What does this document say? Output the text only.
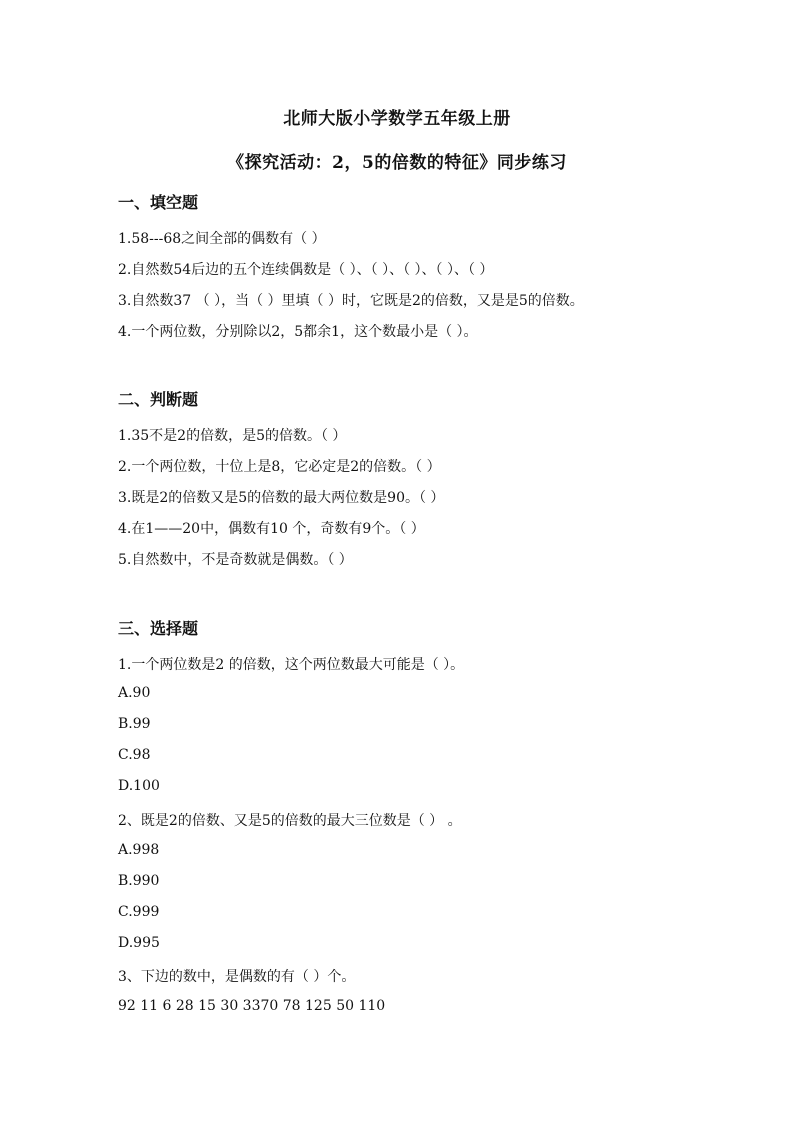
北师大版小学数学五年级上册
《探究活动：2，5的倍数的特征》同步练习
一、填空题
1.58---68之间全部的偶数有（ ）
2.自然数54后边的五个连续偶数是（ ）、（ ）、（ ）、（ ）、（ ）
3.自然数37 （ ），当（ ）里填（ ）时，它既是2的倍数，又是是5的倍数。
4.一个两位数，分别除以2，5都余1，这个数最小是（ ）。
二、判断题
1.35不是2的倍数，是5的倍数。（ ）
2.一个两位数，十位上是8，它必定是2的倍数。（ ）
3.既是2的倍数又是5的倍数的最大两位数是90。（ ）
4.在1——20中，偶数有10 个，奇数有9个。（ ）
5.自然数中，不是奇数就是偶数。（ ）
三、选择题
1.一个两位数是2 的倍数，这个两位数最大可能是（ ）。
A.90
B.99
C.98
D.100
2、既是2的倍数、又是5的倍数的最大三位数是（ ） 。
A.998
B.990
C.999
D.995
3、下边的数中，是偶数的有（ ）个。
92 11 6 28 15 30 3370 78 125 50 110
